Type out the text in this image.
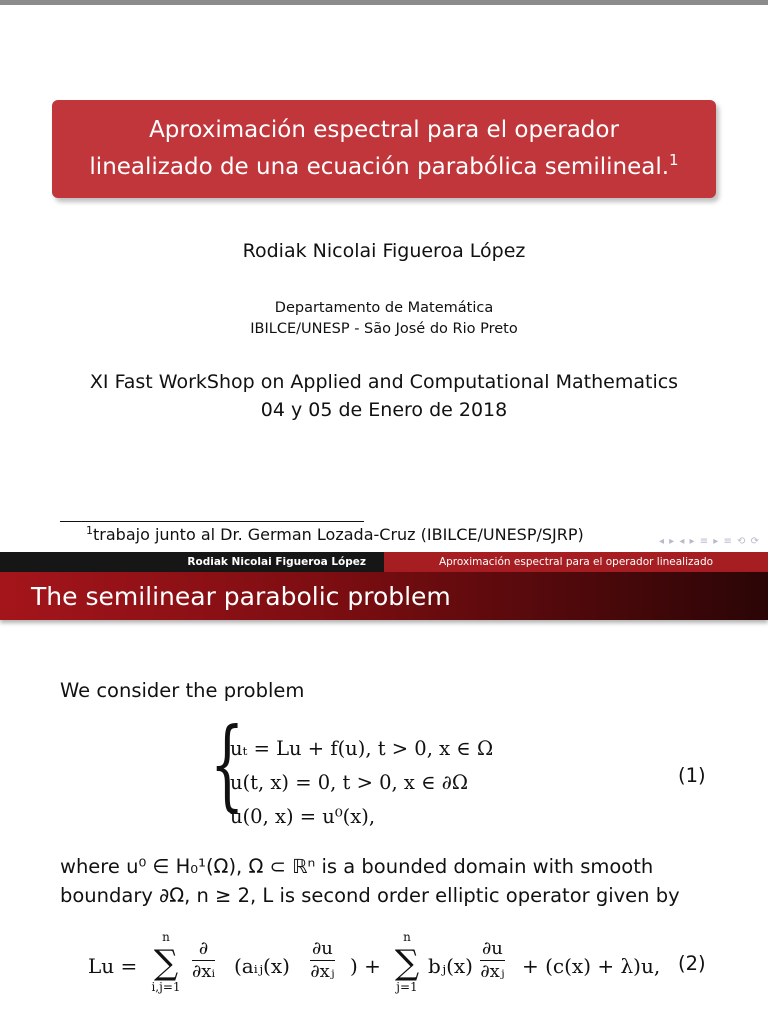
Aproximación espectral para el operador
linealizado de una ecuación parabólica semilineal.$^1$
Rodiak Nicolai Figueroa López
Departamento de Matemática
IBILCE/UNESP - São José do Rio Preto
XI Fast WorkShop on Applied and Computational Mathematics
04 y 05 de Enero de 2018
$^1$trabajo junto al Dr. German Lozada-Cruz (IBILCE/UNESP/SJRP)	◂ ▸ ◂ ▸ ≡ ▸ ≡ ⟲ ⟳
Rodiak Nicolai Figueroa López	Aproximación espectral para el operador linealizado
The semilinear parabolic problem
We consider the problem
{
uₜ = Lu + f(u), t > 0, x ∈ Ω
u(t, x) = 0, t > 0, x ∈ ∂Ω
u(0, x) = u⁰(x),
(1)
where u⁰ ∈ H₀¹(Ω), Ω ⊂ ℝⁿ is a bounded domain with smooth
boundary ∂Ω, n ≥ 2, L is second order elliptic operator given by
Lu =
n
∑
i,j=1
∂
∂xᵢ (aᵢⱼ(x) $\frac{\partial u}{\text{∂xⱼ}}$ ) +
n
∑
j=1
bⱼ(x) $\frac{\partial u}{\text{∂xⱼ}} + (c(x) + \lambda)u$, (2)
